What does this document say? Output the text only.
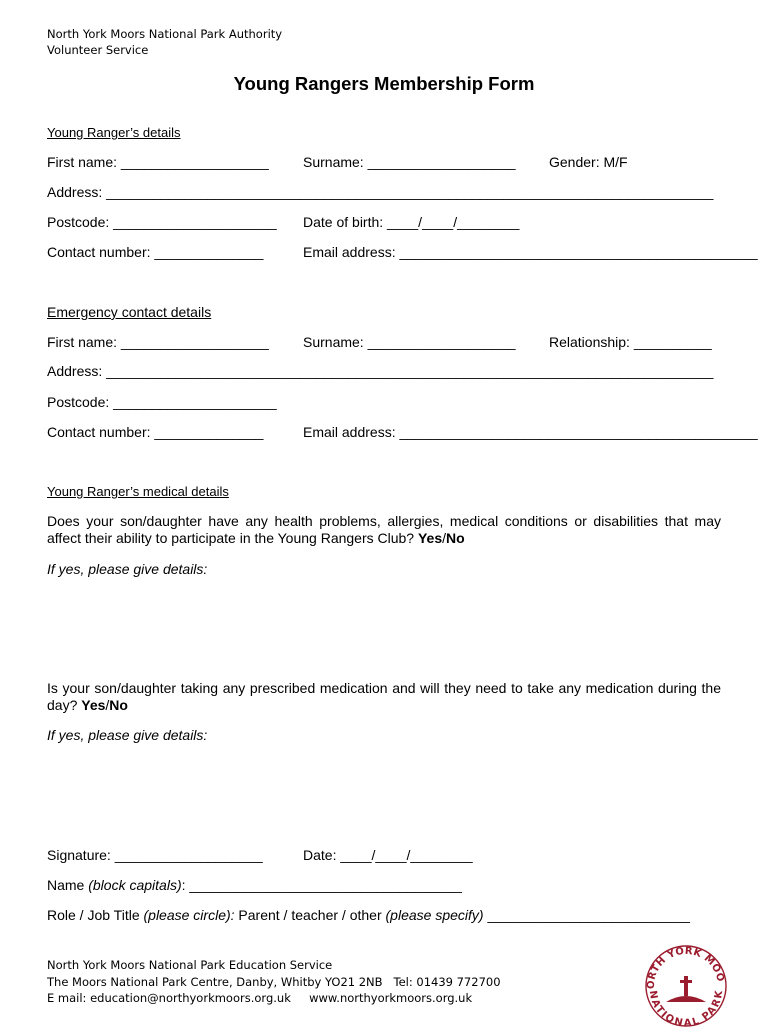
North York Moors National Park Authority
Volunteer Service
Young Rangers Membership Form
Young Ranger’s details
First name: ___________________ Surname: ___________________ Gender: M/F
Address: ______________________________________________________________________________
Postcode: _____________________ Date of birth: ____/____/________
Contact number: ______________	Email address: ______________________________________________
Emergency contact details
First name: ___________________ Surname: ___________________ Relationship: __________
Address: ______________________________________________________________________________
Postcode: _____________________
Contact number: ______________	Email address: ______________________________________________
Young Ranger’s medical details
Does your son/daughter have any health problems, allergies, medical conditions or disabilities that may affect their ability to participate in the Young Rangers Club? Yes/No
If yes, please give details:
Is your son/daughter taking any prescribed medication and will they need to take any medication during the day? Yes/No
If yes, please give details:
Signature: ___________________	Date: ____/____/________
Name (block capitals): ___________________________________
Role / Job Title (please circle): Parent / teacher / other (please specify) __________________________
North York Moors National Park Education Service
The Moors National Park Centre, Danby, Whitby YO21 2NB   Tel: 01439 772700
E mail: education@northyorkmoors.org.uk     www.northyorkmoors.org.uk

ORTH YORK MOO
NATIONAL PARK
